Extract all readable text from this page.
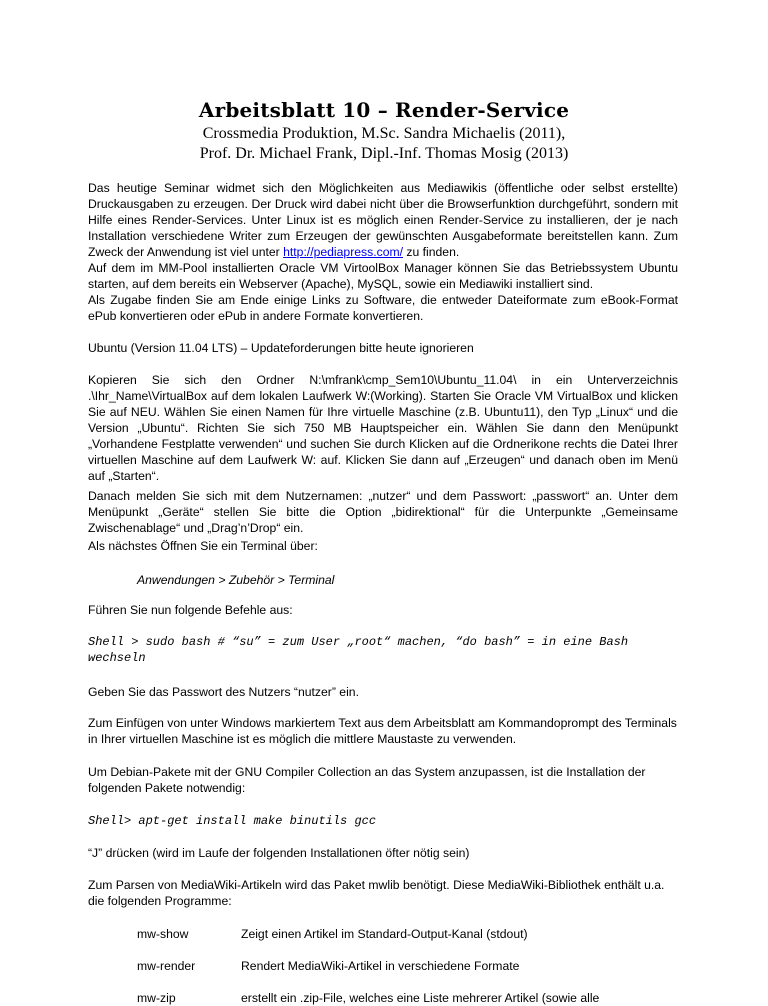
Arbeitsblatt 10 – Render-Service
Crossmedia Produktion, M.Sc. Sandra Michaelis (2011),
Prof. Dr. Michael Frank, Dipl.-Inf. Thomas Mosig (2013)
Das heutige Seminar widmet sich den Möglichkeiten aus Mediawikis (öffentliche oder selbst erstellte) Druckausgaben zu erzeugen. Der Druck wird dabei nicht über die Browserfunktion durchgeführt, sondern mit Hilfe eines Render-Services. Unter Linux ist es möglich einen Render-Service zu installieren, der je nach Installation verschiedene Writer zum Erzeugen der gewünschten Ausgabeformate bereitstellen kann. Zum Zweck der Anwendung ist viel unter http://pediapress.com/ zu finden.
Auf dem im MM-Pool installierten Oracle VM VirtoolBox Manager können Sie das Betriebssystem Ubuntu starten, auf dem bereits ein Webserver (Apache), MySQL, sowie ein Mediawiki installiert sind.
Als Zugabe finden Sie am Ende einige Links zu Software, die entweder Dateiformate zum eBook-Format ePub konvertieren oder ePub in andere Formate konvertieren.
Ubuntu (Version 11.04 LTS) – Updateforderungen bitte heute ignorieren
Kopieren Sie sich den Ordner N:\mfrank\cmp_Sem10\Ubuntu_11.04\ in ein Unterverzeichnis .\Ihr_Name\VirtualBox auf dem lokalen Laufwerk W:(Working). Starten Sie Oracle VM VirtualBox und klicken Sie auf NEU. Wählen Sie einen Namen für Ihre virtuelle Maschine (z.B. Ubuntu11), den Typ „Linux“ und die Version „Ubuntu“. Richten Sie sich 750 MB Hauptspeicher ein. Wählen Sie dann den Menüpunkt „Vorhandene Festplatte verwenden“ und suchen Sie durch Klicken auf die Ordnerikone rechts die Datei Ihrer virtuellen Maschine auf dem Laufwerk W: auf. Klicken Sie dann auf „Erzeugen“ und danach oben im Menü auf „Starten“.
Danach melden Sie sich mit dem Nutzernamen: „nutzer“ und dem Passwort: „passwort“ an. Unter dem Menüpunkt „Geräte“ stellen Sie bitte die Option „bidirektional“ für die Unterpunkte „Gemeinsame Zwischenablage“ und „Drag’n’Drop“ ein.
Als nächstes Öffnen Sie ein Terminal über:
Anwendungen > Zubehör > Terminal
Führen Sie nun folgende Befehle aus:
Shell > sudo bash # “su” = zum User „root“ machen, “do bash” = in eine Bash wechseln
Geben Sie das Passwort des Nutzers “nutzer” ein.
Zum Einfügen von unter Windows markiertem Text aus dem Arbeitsblatt am Kommandoprompt des Terminals in Ihrer virtuellen Maschine ist es möglich die mittlere Maustaste zu verwenden.
Um Debian-Pakete mit der GNU Compiler Collection an das System anzupassen, ist die Installation der folgenden Pakete notwendig:
Shell> apt-get install make binutils gcc
“J” drücken (wird im Laufe der folgenden Installationen öfter nötig sein)
Zum Parsen von MediaWiki-Artikeln wird das Paket mwlib benötigt. Diese MediaWiki-Bibliothek enthält u.a. die folgenden Programme:
mw-show	Zeigt einen Artikel im Standard-Output-Kanal (stdout)
mw-render	Rendert MediaWiki-Artikel in verschiedene Formate
mw-zip	erstellt ein .zip-File, welches eine Liste mehrerer Artikel (sowie alle
